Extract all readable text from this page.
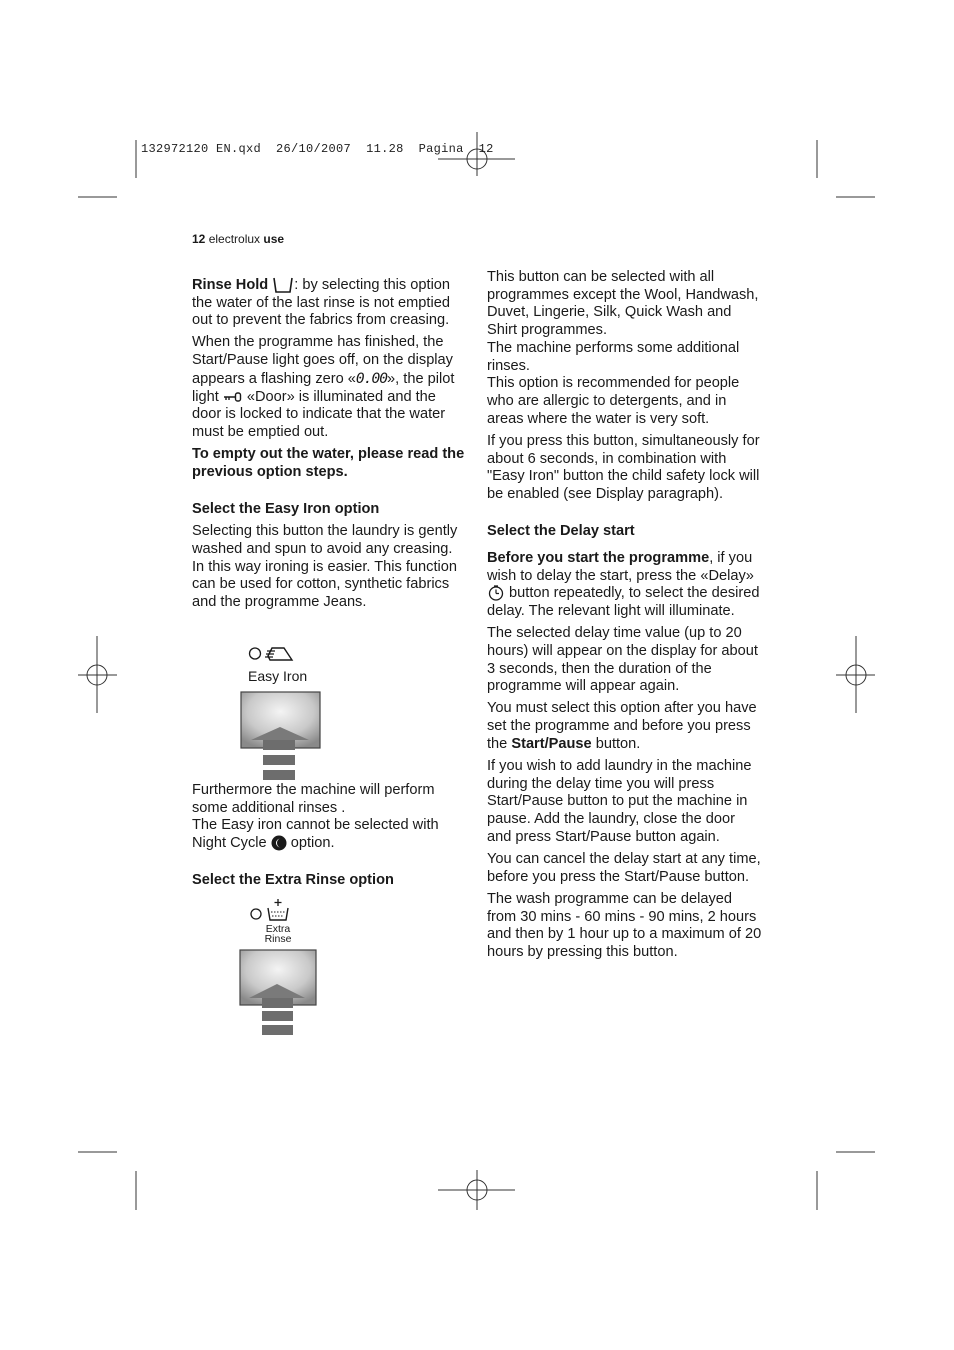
132972120 EN.qxd 26/10/2007 11.28 Pagina 12
12 electrolux use

Rinse Hold : by selecting this option the water of the last rinse is not emptied out to prevent the fabrics from creasing.

When the programme has finished, the Start/Pause light goes off, on the display appears a flashing zero «0.00», the pilot light  «Door» is illuminated and the door is locked to indicate that the water must be emptied out.

To empty out the water, please read the previous option steps.

Select the Easy Iron option

Selecting this button the laundry is gently washed and spun to avoid any creasing. In this way ironing is easier. This function can be used for cotton, synthetic fabrics and the programme Jeans.

Easy Iron

Furthermore the machine will perform some additional rinses .

The Easy iron cannot be selected with Night Cycle  option.

Select the Extra Rinse option

Extra
Rinse

This button can be selected with all programmes except the Wool, Handwash, Duvet, Lingerie, Silk, Quick Wash and Shirt programmes.

The machine performs some additional rinses.

This option is recommended for people who are allergic to detergents, and in areas where the water is very soft.

If you press this button, simultaneously for about 6 seconds, in combination with "Easy Iron" button the child safety lock will be enabled (see Display paragraph).

Select the Delay start

Before you start the programme, if you wish to delay the start, press the «Delay»  button repeatedly, to select the desired delay. The relevant light will illuminate.

The selected delay time value (up to 20 hours) will appear on the display for about 3 seconds, then the duration of the programme will appear again.

You must select this option after you have set the programme and before you press the Start/Pause button.

If you wish to add laundry in the machine during the delay time you will press Start/Pause button to put the machine in pause. Add the laundry, close the door and press Start/Pause button again.

You can cancel the delay start at any time, before you press the Start/Pause button.

The wash programme can be delayed from 30 mins - 60 mins - 90 mins, 2 hours and then by 1 hour up to a maximum of 20 hours by pressing this button.
